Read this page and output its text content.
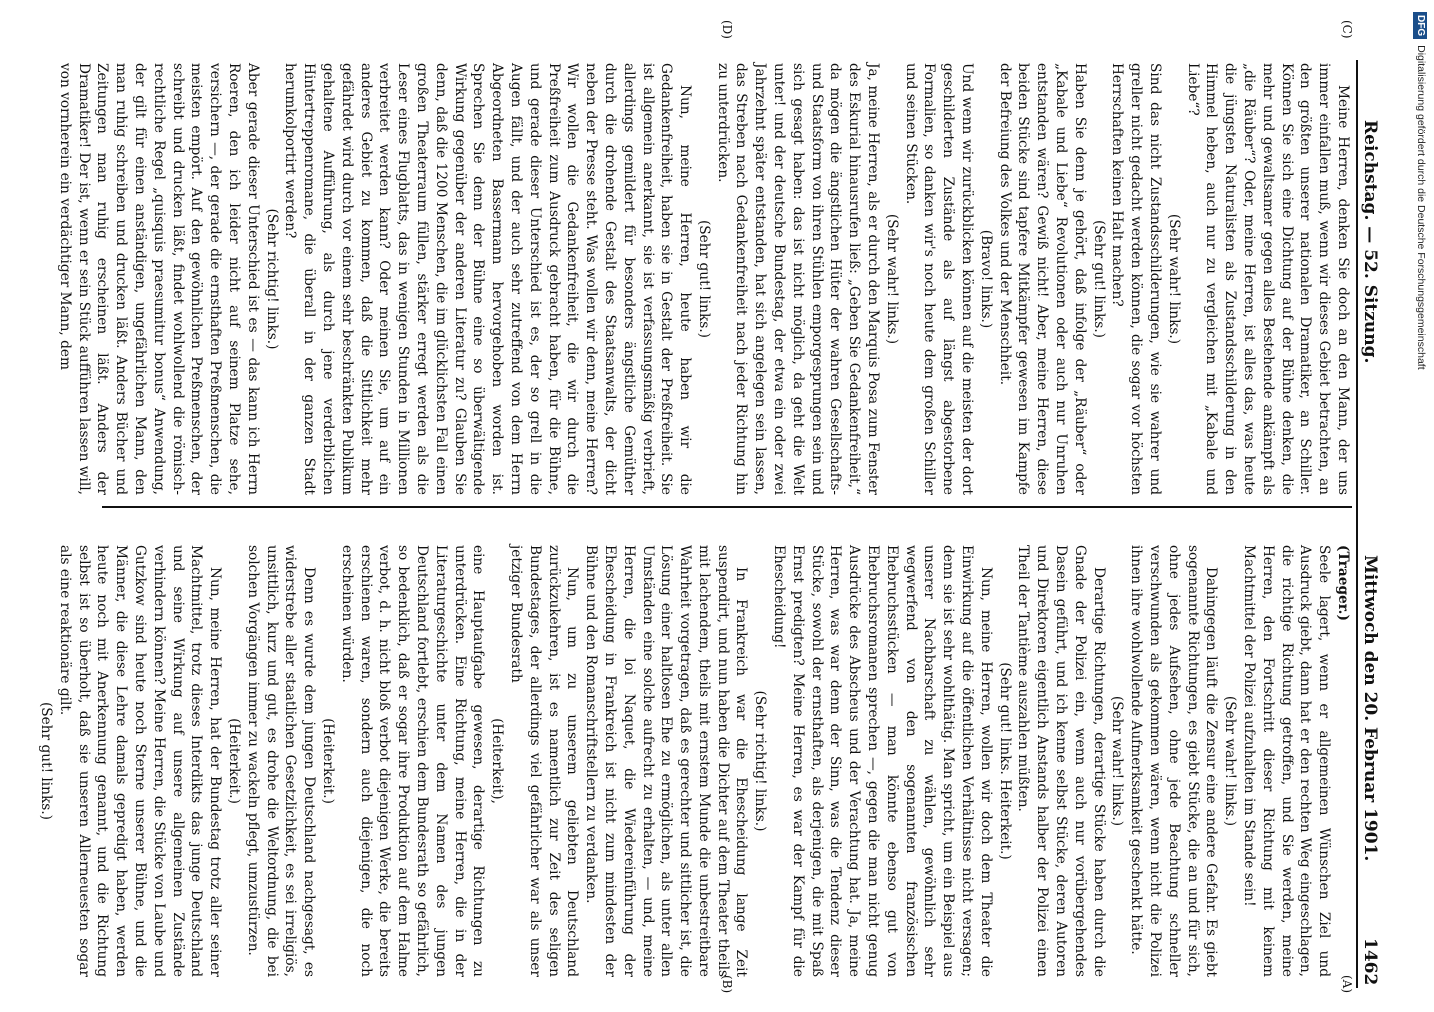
1462
Reichstag. — 52. Sitzung.
Mittwoch den 20. Februar 1901.
(A)
(B)
(C)
(D)

(Traeger.)

Seele lagert, wenn er allgemeinen Wünschen Ziel und Ausdruck giebt, dann hat er den rechten Weg eingeschlagen, die richtige Richtung getroffen, und Sie werden, meine Herren, den Fortschritt dieser Richtung mit keinem Machtmittel der Polizei aufzuhalten im Stande sein!

(Sehr wahr! links.)

Dahingegen läuft die Zensur eine andere Gefahr. Es giebt sogenannte Richtungen, es giebt Stücke, die an und für sich, ohne jedes Aufsehen, ohne jede Beachtung schneller verschwunden als gekommen wären, wenn nicht die Polizei ihnen ihre wohlwollende Aufmerksamkeit geschenkt hätte.

(Sehr wahr! links.)

Derartige Richtungen, derartige Stücke haben durch die Gnade der Polizei ein, wenn auch nur vorübergehendes Dasein geführt, und ich kenne selbst Stücke, deren Autoren und Direktoren eigentlich Anstands halber der Polizei einen Theil der Tantième auszahlen müßten.

(Sehr gut! links. Heiterkeit.)

Nun, meine Herren, wollen wir doch dem Theater die Einwirkung auf die öffentlichen Verhältnisse nicht versagen; denn sie ist sehr wohlthätig. Man spricht, um ein Beispiel aus unserer Nachbarschaft zu wählen, gewöhnlich sehr wegwerfend von den sogenannten französischen Ehebruchsstücken — man könnte ebenso gut von Ehebruchsromanen sprechen —, gegen die man nicht genug Ausdrücke des Abscheus und der Verachtung hat. Ja, meine Herren, was war denn der Sinn, was die Tendenz dieser Stücke, sowohl der ernsthaften, als derjenigen, die mit Spaß Ernst predigten? Meine Herren, es war der Kampf für die Ehescheidung!

(Sehr richtig! links.)

In Frankreich war die Ehescheidung lange Zeit suspendirt, und nun haben die Dichter auf dem Theater theils mit lachendem, theils mit ernstem Munde die unbestreitbare Wahrheit vorgetragen, daß es gerechter und sittlicher ist, die Lösung einer haltlosen Ehe zu ermöglichen, als unter allen Umständen eine solche aufrecht zu erhalten, — und, meine Herren, die loi Naquet, die Wiedereinführung der Ehescheidung in Frankreich ist nicht zum mindesten der Bühne und den Romanschriftstellern zu verdanken.

Nun, um zu unserem geliebten Deutschland zurückzukehren, ist es namentlich zur Zeit des seligen Bundestages, der allerdings viel gefährlicher war als unser jetziger Bundesrath

(Heiterkeit),

eine Hauptaufgabe gewesen, derartige Richtungen zu unterdrücken. Eine Richtung, meine Herren, die in der Literaturgeschichte unter dem Namen des jungen Deutschland fortlebt, erschien dem Bundesrath so gefährlich, so bedenklich, daß er sogar ihre Produktion auf dem Halme verbot, d. h. nicht bloß verbot diejenigen Werke, die bereits erschienen waren, sondern auch diejenigen, die noch erscheinen würden.

(Heiterkeit.)

Denn es wurde dem jungen Deutschland nachgesagt, es widerstrebe aller staatlichen Gesetzlichkeit, es sei irreligiös, unsittlich, kurz und gut, es drohe die Weltordnung, die bei solchen Vorgängen immer zu wackeln pflegt, umzustürzen.

(Heiterkeit.)

Nun, meine Herren, hat der Bundestag trotz aller seiner Machtmittel, trotz dieses Interdikts das junge Deutschland und seine Wirkung auf unsere allgemeinen Zustände verhindern können? Meine Herren, die Stücke von Laube und Gutzkow sind heute noch Sterne unserer Bühne, und die Männer, die diese Lehre damals gepredigt haben, werden heute noch mit Anerkennung genannt, und die Richtung selbst ist so überholt, daß sie unseren Allerneuesten sogar als eine reaktionäre gilt.

(Sehr gut! links.)

Meine Herren, denken Sie doch an den Mann, der uns immer einfallen muß, wenn wir dieses Gebiet betrachten, an den größten unserer nationalen Dramatiker, an Schiller. Können Sie sich eine Dichtung auf der Bühne denken, die mehr und gewaltsamer gegen alles Bestehende ankämpft als „die Räuber“? Oder, meine Herren, ist alles das, was heute die jüngsten Naturalisten als Zustandsschilderung in den Himmel heben, auch nur zu vergleichen mit „Kabale und Liebe“?

(Sehr wahr! links.)

Sind das nicht Zustandsschilderungen, wie sie wahrer und greller nicht gedacht werden können, die sogar vor höchsten Herrschaften keinen Halt machen?

(Sehr gut! links.)

Haben Sie denn je gehört, daß infolge der „Räuber“ oder „Kabale und Liebe“ Revolutionen oder auch nur Unruhen entstanden wären? Gewiß nicht! Aber, meine Herren, diese beiden Stücke sind tapfere Mitkämpfer gewesen im Kampfe der Befreiung des Volkes und der Menschheit.

(Bravo! links.)

Und wenn wir zurückblicken können auf die meisten der dort geschilderten Zustände als auf längst abgestorbene Formalien, so danken wir's noch heute dem großen Schiller und seinen Stücken.

(Sehr wahr! links.)

Ja, meine Herren, als er durch den Marquis Posa zum Fenster des Eskurial hinausrufen ließ: „Geben Sie Gedankenfreiheit,“ da mögen die ängstlichen Hüter der wahren Gesellschafts- und Staatsform von ihren Stühlen emporgesprungen sein und sich gesagt haben: das ist nicht möglich, da geht die Welt unter! und der deutsche Bundestag, der etwa ein oder zwei Jahrzehnt später entstanden, hat sich angelegen sein lassen, das Streben nach Gedankenfreiheit nach jeder Richtung hin zu unterdrücken.

(Sehr gut! links.)

Nun, meine Herren, heute haben wir die Gedankenfreiheit, haben sie in Gestalt der Preßfreiheit. Sie ist allgemein anerkannt, sie ist verfassungsmäßig verbrieft, allerdings gemildert für besonders ängstliche Gemüther durch die drohende Gestalt des Staatsanwalts, der dicht neben der Presse steht. Was wollen wir denn, meine Herren? Wir wollen die Gedankenfreiheit, die wir durch die Preßfreiheit zum Ausdruck gebracht haben, für die Bühne, und gerade dieser Unterschied ist es, der so grell in die Augen fällt, und der auch sehr zutreffend von dem Herrn Abgeordneten Bassermann hervorgehoben worden ist. Sprechen Sie denn der Bühne eine so überwältigende Wirkung gegenüber der anderen Literatur zu? Glauben Sie denn, daß die 1200 Menschen, die im glücklichsten Fall einen großen Theaterraum füllen, stärker erregt werden als die Leser eines Flugblatts, das in wenigen Stunden in Millionen verbreitet werden kann? Oder meinen Sie, um auf ein anderes Gebiet zu kommen, daß die Sittlichkeit mehr gefährdet wird durch vor einem sehr beschränkten Publikum gehaltene Aufführung, als durch jene verderblichen Hintertreppenromane, die überall in der ganzen Stadt herumkolportirt werden?

(Sehr richtig! links.)

Aber gerade dieser Unterschied ist es — das kann ich Herrn Roeren, den ich leider nicht auf seinem Platze sehe, versichern —, der gerade die ernsthaften Preßmenschen, die meisten empört. Auf den gewöhnlichen Preßmenschen, der schreibt und drucken läßt, findet wohlwollend die römisch-rechtliche Regel „quisquis praesumitur bonus“ Anwendung, der gilt für einen anständigen, ungefährlichen Mann, den man ruhig schreiben und drucken läßt. Anders Bücher und Zeitungen man ruhig erscheinen läßt. Anders der Dramatiker! Der ist, wenn er sein Stück aufführen lassen will, von vornherein ein verdächtiger Mann, dem

DFGDigitalisierung gefördert durch die Deutsche Forschungsgemeinschaft
